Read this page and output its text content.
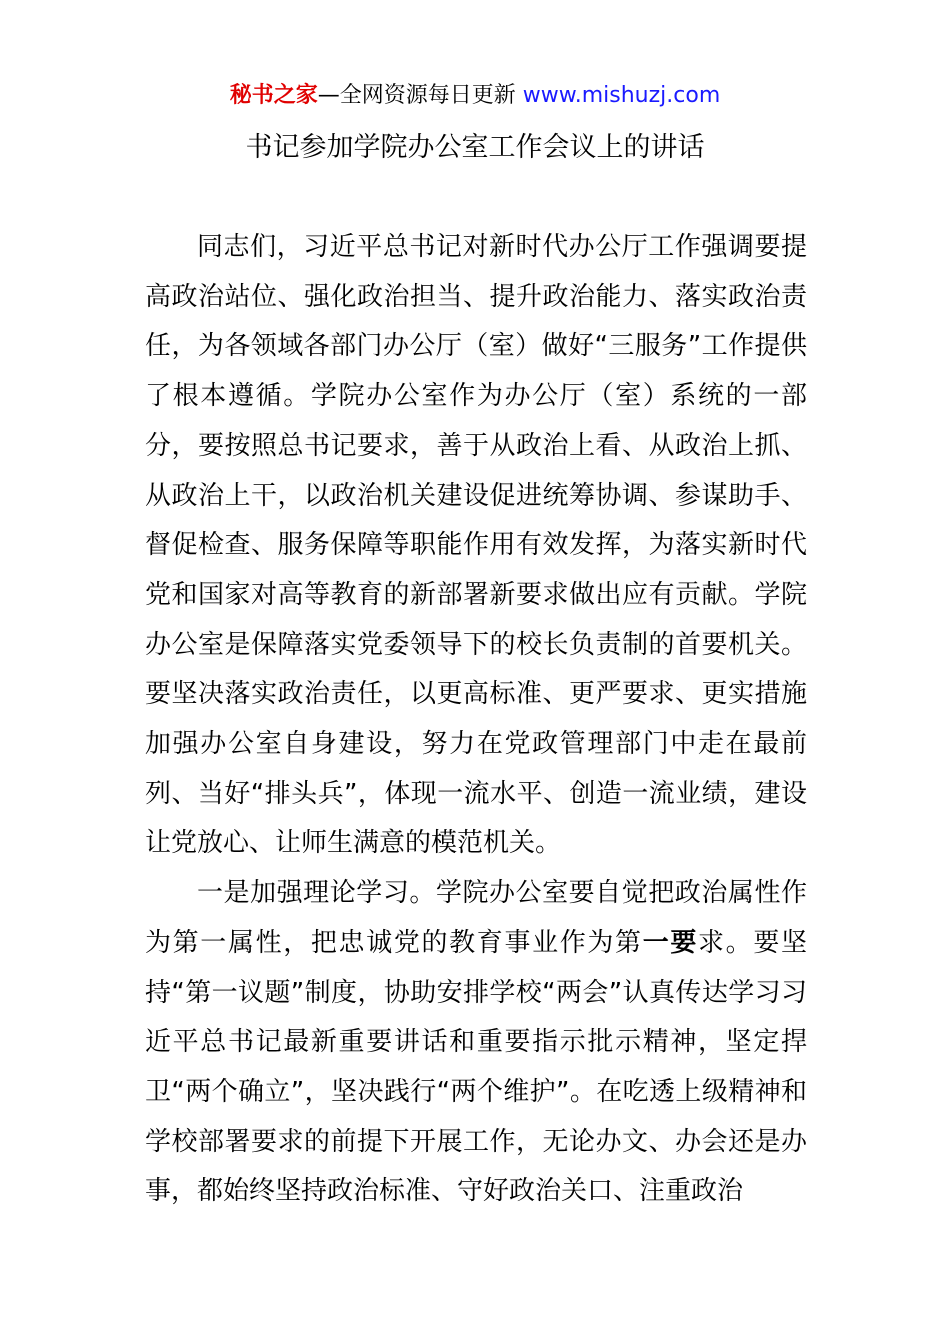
秘书之家—全网资源每日更新 www.mishuzj.com
书记参加学院办公室工作会议上的讲话

同志们，习近平总书记对新时代办公厅工作强调要提高政治站位、强化政治担当、提升政治能力、落实政治责任，为各领域各部门办公厅（室）做好“三服务”工作提供了根本遵循。学院办公室作为办公厅（室）系统的一部分，要按照总书记要求，善于从政治上看、从政治上抓、从政治上干，以政治机关建设促进统筹协调、参谋助手、督促检查、服务保障等职能作用有效发挥，为落实新时代党和国家对高等教育的新部署新要求做出应有贡献。学院办公室是保障落实党委领导下的校长负责制的首要机关。要坚决落实政治责任，以更高标准、更严要求、更实措施加强办公室自身建设，努力在党政管理部门中走在最前列、当好“排头兵”，体现一流水平、创造一流业绩，建设让党放心、让师生满意的模范机关。

一是加强理论学习。学院办公室要自觉把政治属性作为第一属性，把忠诚党的教育事业作为第一要求。要坚持“第一议题”制度，协助安排学校“两会”认真传达学习习近平总书记最新重要讲话和重要指示批示精神，坚定捍卫“两个确立”，坚决践行“两个维护”。在吃透上级精神和学校部署要求的前提下开展工作，无论办文、办会还是办事，都始终坚持政治标准、守好政治关口、注重政治
